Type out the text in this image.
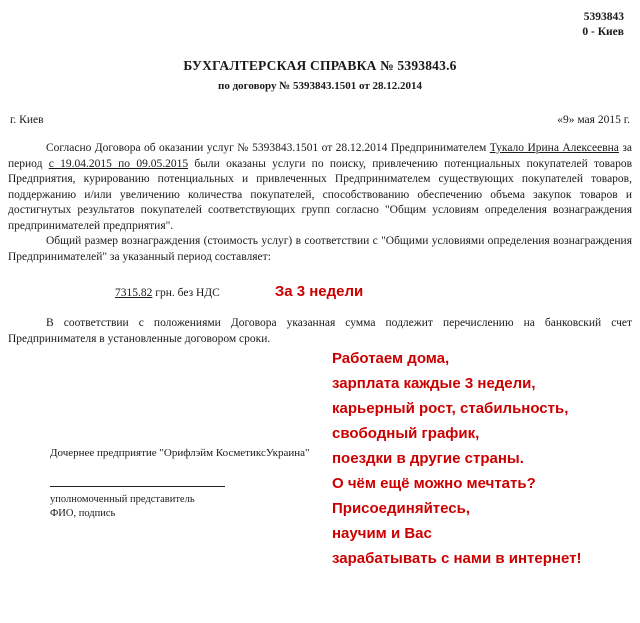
5393843
0 - Киев
БУХГАЛТЕРСКАЯ СПРАВКА № 5393843.6
по договору № 5393843.1501 от 28.12.2014
г. Киев	«9» мая 2015 г.
Согласно Договора об оказании услуг № 5393843.1501 от 28.12.2014 Предпринимателем Тукало Ирина Алексеевна за период с 19.04.2015 по 09.05.2015 были оказаны услуги по поиску, привлечению потенциальных покупателей товаров Предприятия, курированию потенциальных и привлеченных Предпринимателем существующих покупателей товаров, поддержанию и/или увеличению количества покупателей, способствованию обеспечению объема закупок товаров и достигнутых результатов покупателей соответствующих групп согласно "Общим условиям определения вознаграждения предпринимателей предприятия".
Общий размер вознаграждения (стоимость услуг) в соответствии с "Общими условиями определения вознаграждения Предпринимателей" за указанный период составляет:
7315.82 грн. без НДС	За 3 недели
В соответствии с положениями Договора указанная сумма подлежит перечислению на банковский счет Предпринимателя в установленные договором сроки.
Дочернее предприятие "Орифлэйм КосметиксУкраина"
уполномоченный представитель
ФИО, подпись
Работаем дома,
зарплата каждые 3 недели,
карьерный рост, стабильность,
свободный график,
поездки в другие страны.
О чём ещё можно мечтать?
Присоединяйтесь,
научим и Вас
зарабатывать с нами в интернет!
